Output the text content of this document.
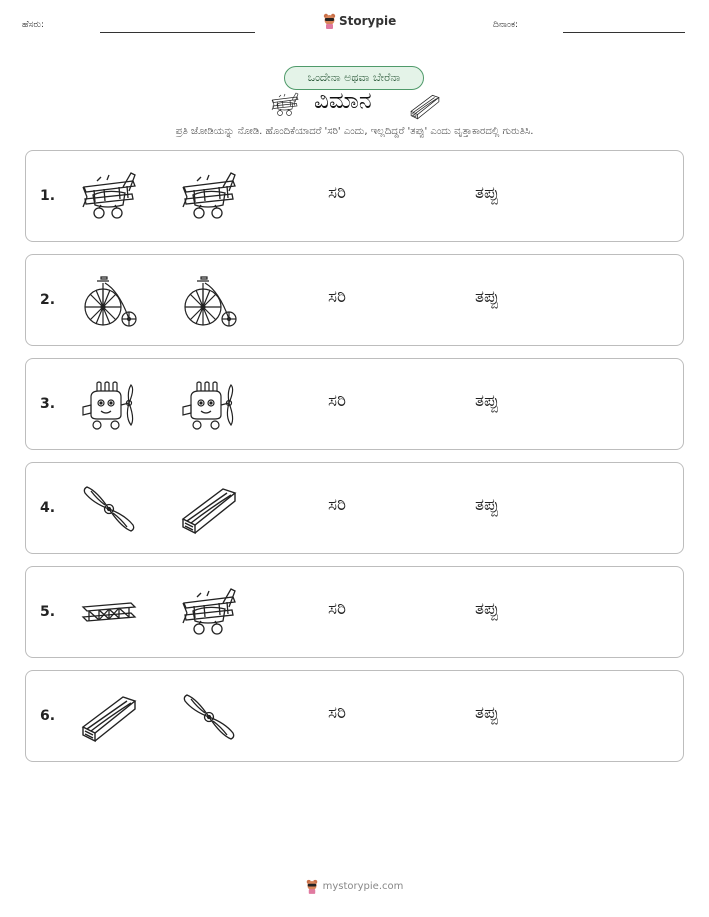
ಹೆಸರು:	Storypie	ದಿನಾಂಕ:
ಒಂದೇನಾ ಅಥವಾ ಬೇರೆನಾ
ವಿಮಾನ
ಪ್ರತಿ ಜೋಡಿಯನ್ನು ನೋಡಿ. ಹೊಂದಿಕೆಯಾದರೆ 'ಸರಿ' ಎಂದು, ಇಲ್ಲದಿದ್ದರೆ 'ತಪ್ಪು' ಎಂದು ವೃತ್ತಾಕಾರದಲ್ಲಿ ಗುರುತಿಸಿ.
1.	ಸರಿ	ತಪ್ಪು
2.	ಸರಿ	ತಪ್ಪು
3.	ಸರಿ	ತಪ್ಪು
4.	ಸರಿ	ತಪ್ಪು
5.	ಸರಿ	ತಪ್ಪು
6.	ಸರಿ	ತಪ್ಪು
mystorypie.com
